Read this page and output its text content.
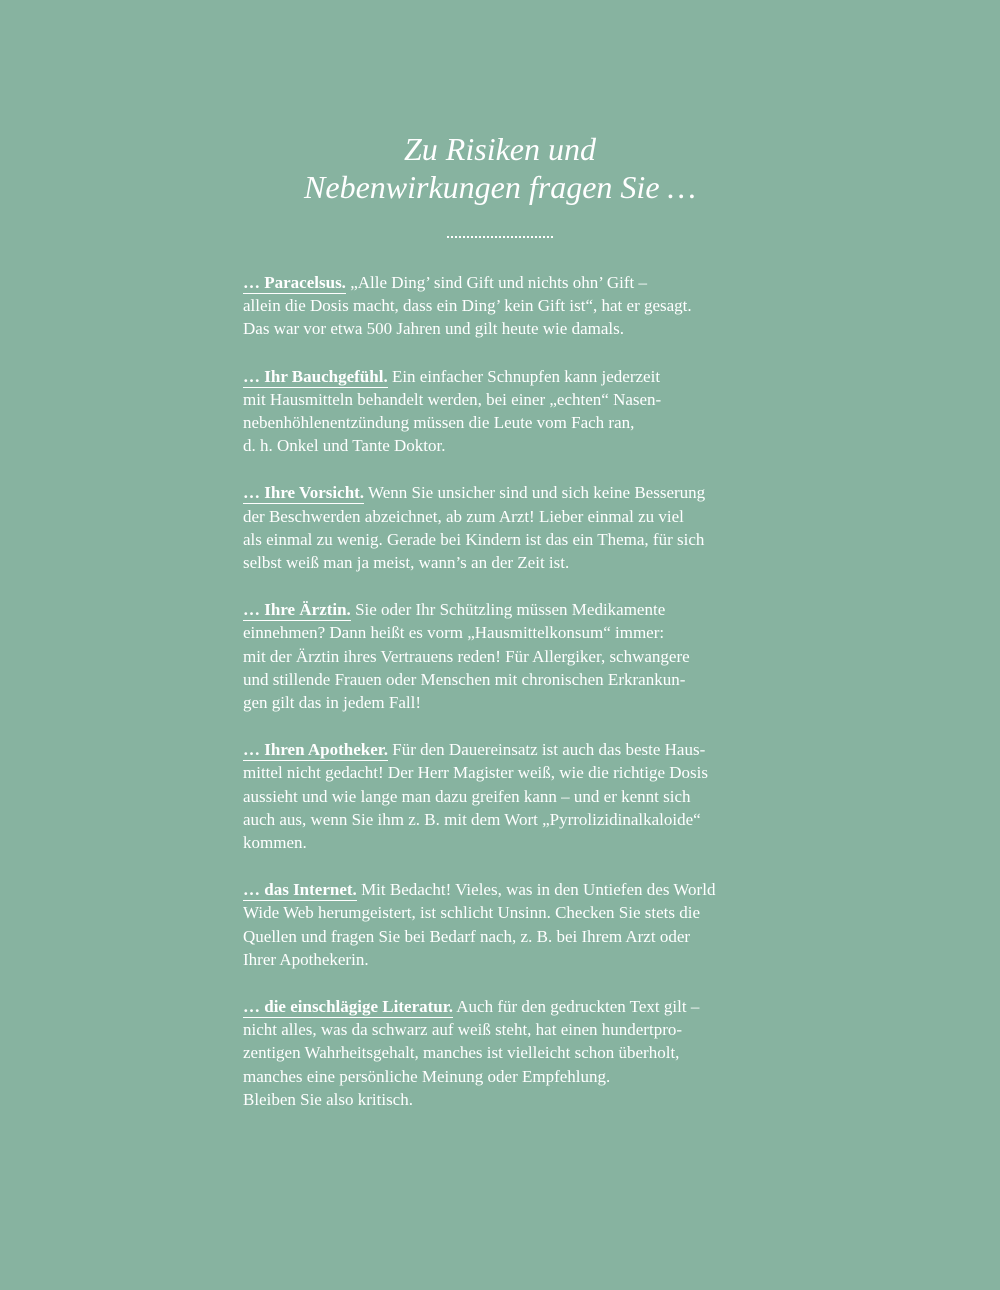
Zu Risiken und
Nebenwirkungen fragen Sie …
… Paracelsus. „Alle Ding’ sind Gift und nichts ohn’ Gift –
allein die Dosis macht, dass ein Ding’ kein Gift ist“, hat er gesagt.
Das war vor etwa 500 Jahren und gilt heute wie damals.
… Ihr Bauchgefühl. Ein einfacher Schnupfen kann jederzeit
mit Hausmitteln behandelt werden, bei einer „echten“ Nasen-
nebenhöhlenentzündung müssen die Leute vom Fach ran,
d. h. Onkel und Tante Doktor.
… Ihre Vorsicht. Wenn Sie unsicher sind und sich keine Besserung
der Beschwerden abzeichnet, ab zum Arzt! Lieber einmal zu viel
als einmal zu wenig. Gerade bei Kindern ist das ein Thema, für sich
selbst weiß man ja meist, wann’s an der Zeit ist.
… Ihre Ärztin. Sie oder Ihr Schützling müssen Medikamente
einnehmen? Dann heißt es vorm „Hausmittelkonsum“ immer:
mit der Ärztin ihres Vertrauens reden! Für Allergiker, schwangere
und stillende Frauen oder Menschen mit chronischen Erkrankun-
gen gilt das in jedem Fall!
… Ihren Apotheker. Für den Dauereinsatz ist auch das beste Haus-
mittel nicht gedacht! Der Herr Magister weiß, wie die richtige Dosis
aussieht und wie lange man dazu greifen kann – und er kennt sich
auch aus, wenn Sie ihm z. B. mit dem Wort „Pyrrolizidinalkaloide“
kommen.
… das Internet. Mit Bedacht! Vieles, was in den Untiefen des World
Wide Web herumgeistert, ist schlicht Unsinn. Checken Sie stets die
Quellen und fragen Sie bei Bedarf nach, z. B. bei Ihrem Arzt oder
Ihrer Apothekerin.
… die einschlägige Literatur. Auch für den gedruckten Text gilt –
nicht alles, was da schwarz auf weiß steht, hat einen hundertpro-
zentigen Wahrheitsgehalt, manches ist vielleicht schon überholt,
manches eine persönliche Meinung oder Empfehlung.
Bleiben Sie also kritisch.
